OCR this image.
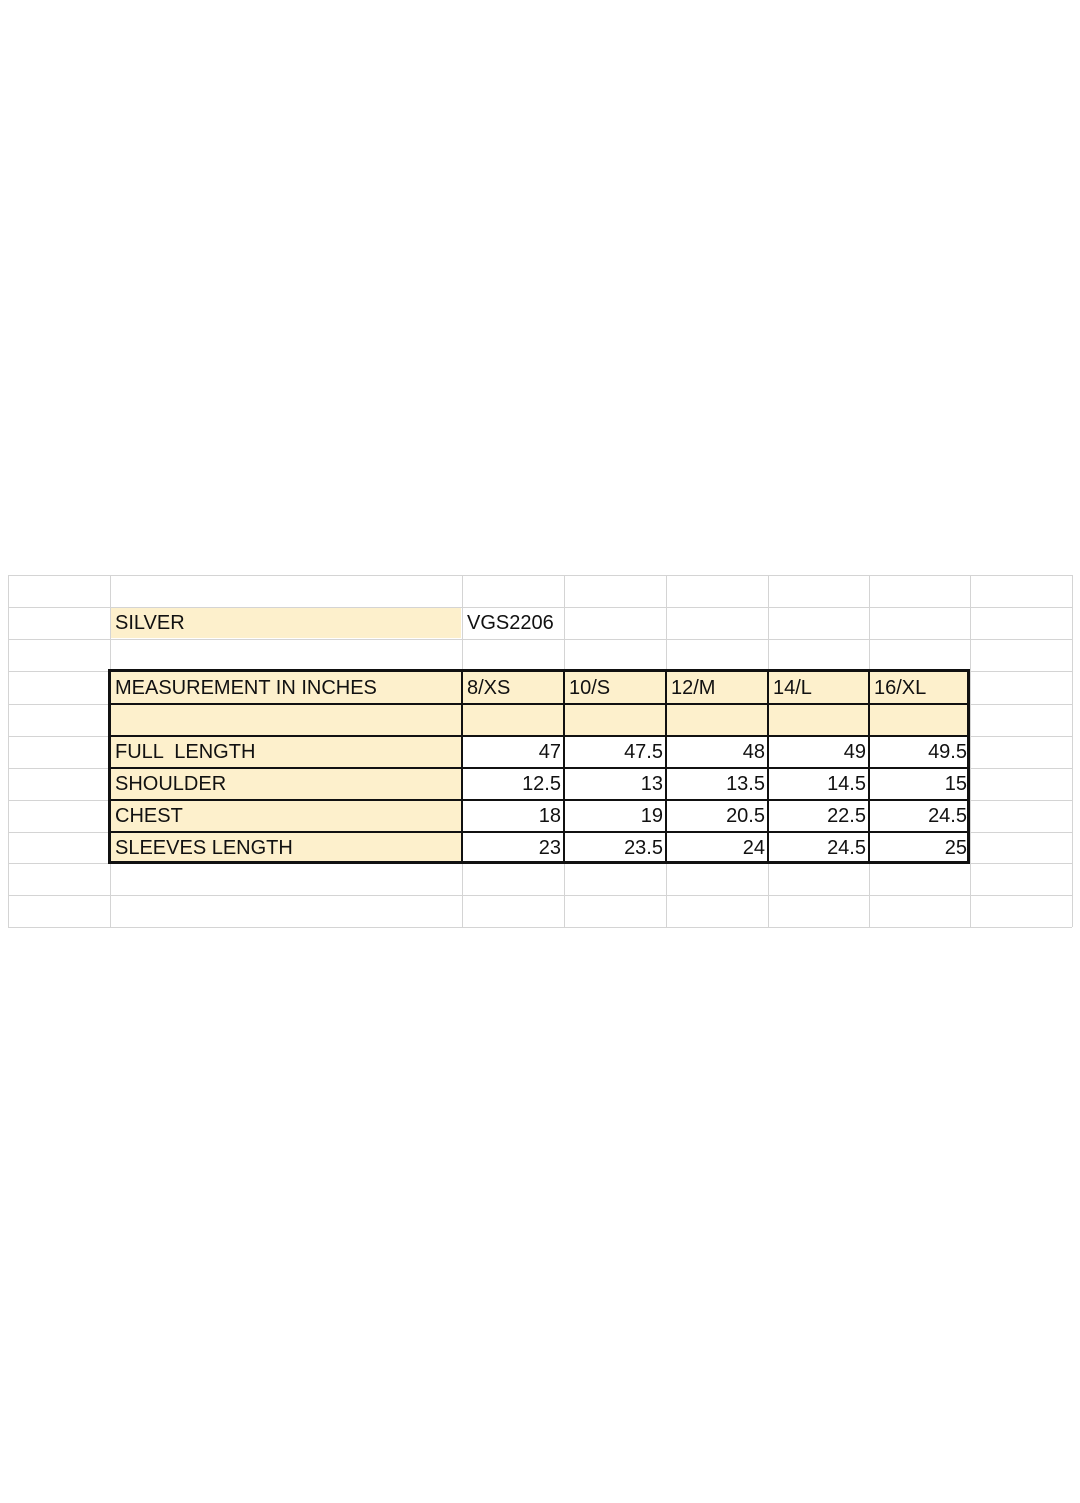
SILVER	VGS2206
MEASUREMENT IN INCHES	8/XS	10/S	12/M	14/L	16/XL
FULL  LENGTH	47	47.5	48	49	49.5
SHOULDER	12.5	13	13.5	14.5	15
CHEST	18	19	20.5	22.5	24.5
SLEEVES LENGTH	23	23.5	24	24.5	25
